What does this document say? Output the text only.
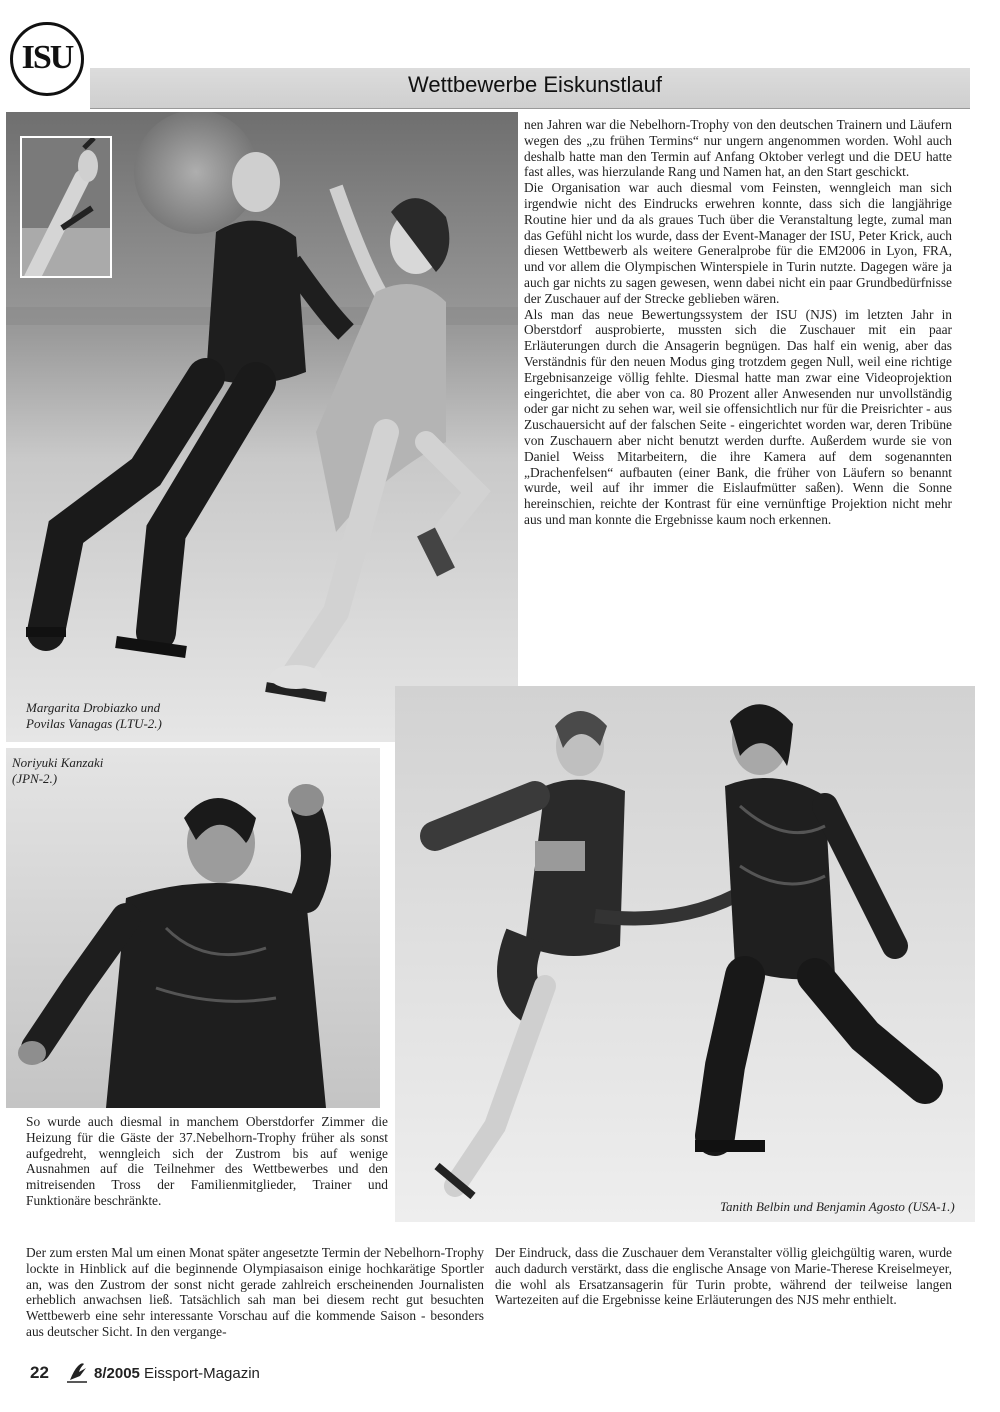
ISU
Wettbewerbe Eiskunstlauf
Margarita Drobiazko und
Povilas Vanagas (LTU-2.)

nen Jahren war die Nebelhorn-Trophy von den deutschen Trainern und Läufern wegen des „zu frühen Termins“ nur ungern angenommen worden. Wohl auch deshalb hatte man den Termin auf Anfang Oktober verlegt und die DEU hatte fast alles, was hierzulande Rang und Namen hat, an den Start geschickt.

Die Organisation war auch diesmal vom Feinsten, wenngleich man sich irgendwie nicht des Eindrucks erwehren konnte, dass sich die langjährige Routine hier und da als graues Tuch über die Veranstaltung legte, zumal man das Gefühl nicht los wurde, dass der Event-Manager der ISU, Peter Krick, auch diesen Wettbewerb als weitere Generalprobe für die EM2006 in Lyon, FRA, und vor allem die Olympischen Winterspiele in Turin nutzte. Dagegen wäre ja auch gar nichts zu sagen gewesen, wenn dabei nicht ein paar Grundbedürfnisse der Zuschauer auf der Strecke geblieben wären.

Als man das neue Bewertungssystem der ISU (NJS) im letzten Jahr in Oberstdorf ausprobierte, mussten sich die Zuschauer mit ein paar Erläuterungen durch die Ansagerin begnügen. Das half ein wenig, aber das Verständnis für den neuen Modus ging trotzdem gegen Null, weil eine richtige Ergebnisanzeige völlig fehlte. Diesmal hatte man zwar eine Videoprojektion eingerichtet, die aber von ca. 80 Prozent aller Anwesenden nur unvollständig oder gar nicht zu sehen war, weil sie offensichtlich nur für die Preisrichter - aus Zuschauersicht auf der falschen Seite - eingerichtet worden war, deren Tribüne von Zuschauern aber nicht benutzt werden durfte. Außerdem wurde sie von Daniel Weiss Mitarbeitern, die ihre Kamera auf dem sogenannten „Drachenfelsen“ aufbauten (einer Bank, die früher von Läufern so benannt wurde, weil auf ihr immer die Eislaufmütter saßen). Wenn die Sonne hereinschien, reichte der Kontrast für eine vernünftige Projektion nicht mehr aus und man konnte die Ergebnisse kaum noch erkennen.

Noriyuki Kanzaki
(JPN-2.)
Tanith Belbin und Benjamin Agosto (USA-1.)

So wurde auch diesmal in manchem Oberstdorfer Zimmer die Heizung für die Gäste der 37.Nebelhorn-Trophy früher als sonst aufgedreht, wenngleich sich der Zustrom bis auf wenige Ausnahmen auf die Teilnehmer des Wettbewerbes und den mitreisenden Tross der Familienmitglieder, Trainer und Funktionäre beschränkte.

Der zum ersten Mal um einen Monat später angesetzte Termin der Nebelhorn-Trophy lockte in Hinblick auf die beginnende Olympiasaison einige hochkarätige Sportler an, was den Zustrom der sonst nicht gerade zahlreich erscheinenden Journalisten erheblich anwachsen ließ. Tatsächlich sah man bei diesem recht gut besuchten Wettbewerb eine sehr interessante Vorschau auf die kommende Saison - besonders aus deutscher Sicht. In den vergange-

Der Eindruck, dass die Zuschauer dem Veranstalter völlig gleichgültig waren, wurde auch dadurch verstärkt, dass die englische Ansage von Marie-Therese Kreiselmeyer, die wohl als Ersatzansagerin für Turin probte, während der teilweise langen Wartezeiten auf die Ergebnisse keine Erläuterungen des NJS mehr enthielt.

22	8/2005 Eissport-Magazin
